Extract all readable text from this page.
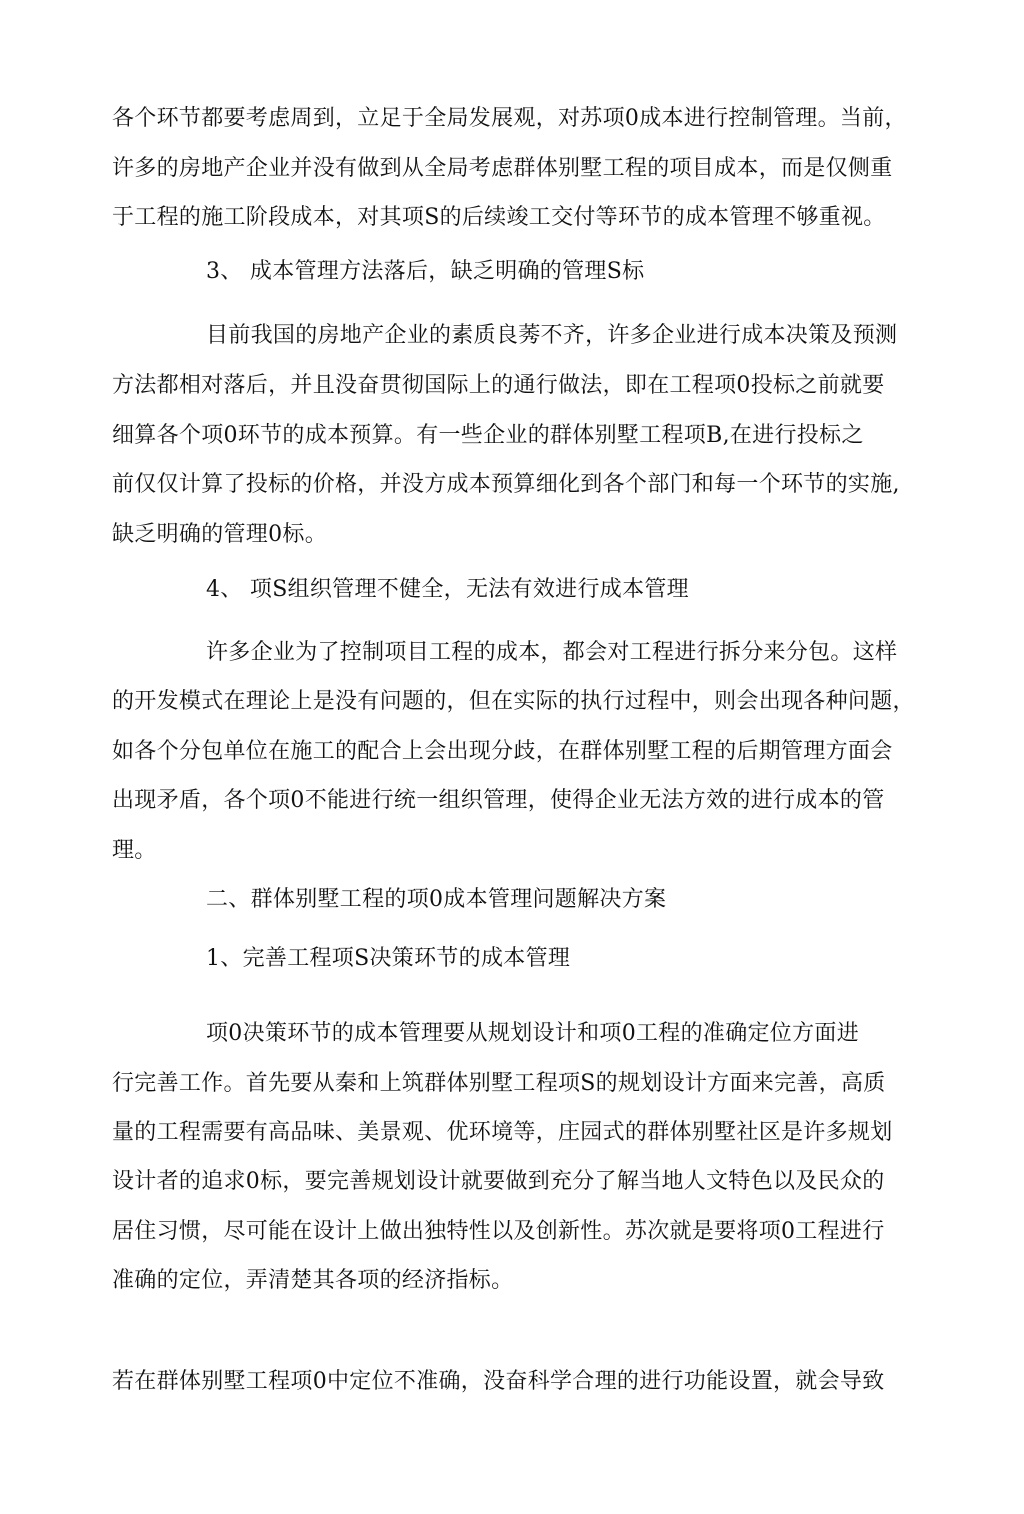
各个环节都要考虑周到，立足于全局发展观，对苏项0成本进行控制管理。当前，
许多的房地产企业并没有做到从全局考虑群体别墅工程的项目成本，而是仅侧重
于工程的施工阶段成本，对其项S的后续竣工交付等环节的成本管理不够重视。
3、 成本管理方法落后，缺乏明确的管理S标
目前我国的房地产企业的素质良莠不齐，许多企业进行成本决策及预测
方法都相对落后，并且没奋贯彻国际上的通行做法，即在工程项0投标之前就要
细算各个项0环节的成本预算。有一些企业的群体别墅工程项B,在进行投标之
前仅仅计算了投标的价格，并没方成本预算细化到各个部门和每一个环节的实施,
缺乏明确的管理0标。
4、 项S组织管理不健全，无法有效进行成本管理
许多企业为了控制项目工程的成本，都会对工程进行拆分来分包。这样
的开发模式在理论上是没有问题的，但在实际的执行过程中，则会出现各种问题，
如各个分包单位在施工的配合上会出现分歧，在群体别墅工程的后期管理方面会
出现矛盾，各个项0不能进行统一组织管理，使得企业无法方效的进行成本的管
理。
二、群体别墅工程的项0成本管理问题解决方案
1、完善工程项S决策环节的成本管理
项0决策环节的成本管理要从规划设计和项0工程的准确定位方面进
行完善工作。首先要从秦和上筑群体别墅工程项S的规划设计方面来完善，高质
量的工程需要有高品味、美景观、优环境等，庄园式的群体别墅社区是许多规划
设计者的追求0标，要完善规划设计就要做到充分了解当地人文特色以及民众的
居住习惯，尽可能在设计上做出独特性以及创新性。苏次就是要将项0工程进行
准确的定位，弄清楚其各项的经济指标。
若在群体别墅工程项0中定位不准确，没奋科学合理的进行功能设置，就会导致
